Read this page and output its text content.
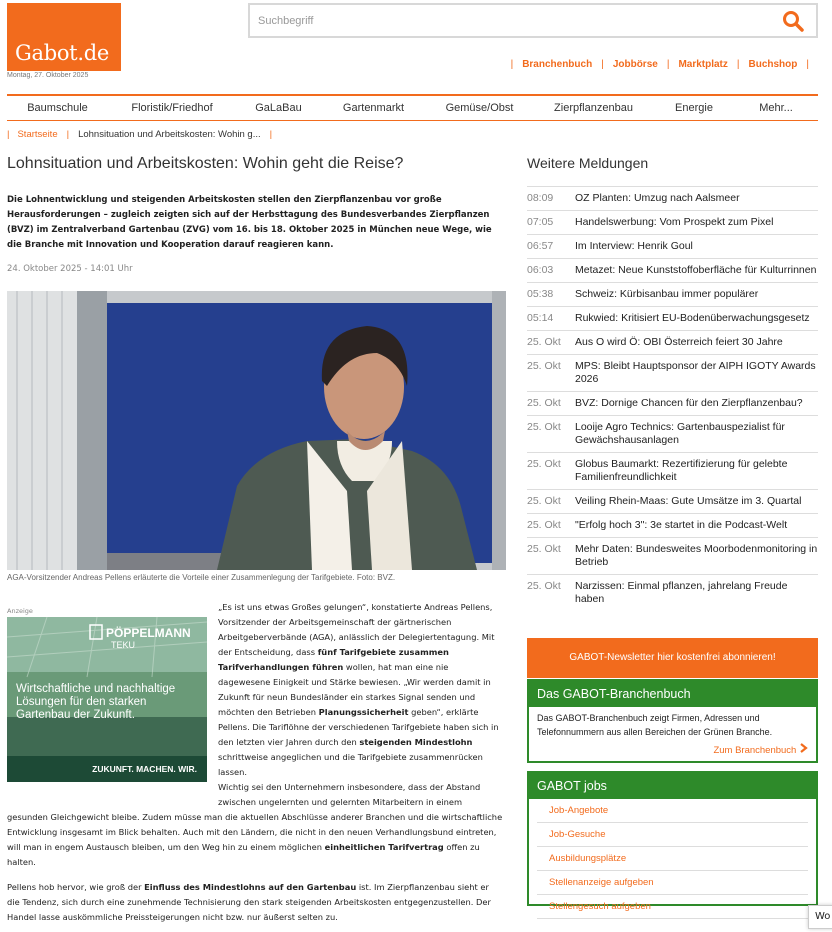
Gabot.de
Montag, 27. Oktober 2025
Suchbegriff
| Branchenbuch | Jobbörse | Marktplatz | Buchshop |
Baumschule	Floristik/Friedhof	GaLaBau	Gartenmarkt	Gemüse/Obst	Zierpflanzenbau	Energie	Mehr...
| Startseite | Lohnsituation und Arbeitskosten: Wohin g... |
Lohnsituation und Arbeitskosten: Wohin geht die Reise?

Die Lohnentwicklung und steigenden Arbeitskosten stellen den Zierpflanzenbau vor große Herausforderungen – zugleich zeigten sich auf der Herbsttagung des Bundesverbandes Zierpflanzen (BVZ) im Zentralverband Gartenbau (ZVG) vom 16. bis 18. Oktober 2025 in München neue Wege, wie die Branche mit Innovation und Kooperation darauf reagieren kann.

24. Oktober 2025 - 14:01 Uhr
AGA-Vorsitzender Andreas Pellens erläuterte die Vorteile einer Zusammenlegung der Tarifgebiete. Foto: BVZ.
Anzeige
PÖPPELMANN
TEKU
Wirtschaftliche und nachhaltige Lösungen für den starken Gartenbau der Zukunft.
ZUKUNFT. MACHEN. WIR.
„Es ist uns etwas Großes gelungen“, konstatierte Andreas Pellens, Vorsitzender der Arbeitsgemeinschaft der gärtnerischen Arbeitgeberverbände (AGA), anlässlich der Delegiertentagung. Mit der Entscheidung, dass fünf Tarifgebiete zusammen Tarifverhandlungen führen wollen, hat man eine nie dagewesene Einigkeit und Stärke bewiesen. „Wir werden damit in Zukunft für neun Bundesländer ein starkes Signal senden und möchten den Betrieben Planungssicherheit geben“, erklärte Pellens. Die Tariflöhne der verschiedenen Tarifgebiete haben sich in den letzten vier Jahren durch den steigenden Mindestlohn schrittweise angeglichen und die Tarifgebiete zusammenrücken lassen.
Wichtig sei den Unternehmern insbesondere, dass der Abstand zwischen ungelernten und gelernten Mitarbeitern in einem
gesunden Gleichgewicht bleibe. Zudem müsse man die aktuellen Abschlüsse anderer Branchen und die wirtschaftliche Entwicklung insgesamt im Blick behalten. Auch mit den Ländern, die nicht in den neuen Verhandlungsbund eintreten, will man in engem Austausch bleiben, um den Weg hin zu einem möglichen einheitlichen Tarifvertrag offen zu halten.
Pellens hob hervor, wie groß der Einfluss des Mindestlohns auf den Gartenbau ist. Im Zierpflanzenbau sieht er die Tendenz, sich durch eine zunehmende Technisierung den stark steigenden Arbeitskosten entgegenzustellen. Der Handel lasse auskömmliche Preissteigerungen nicht bzw. nur äußerst selten zu.
Weitere Meldungen
08:09	OZ Planten: Umzug nach Aalsmeer
07:05	Handelswerbung: Vom Prospekt zum Pixel
06:57	Im Interview: Henrik Goul
06:03	Metazet: Neue Kunststoffoberfläche für Kulturrinnen
05:38	Schweiz: Kürbisanbau immer populärer
05:14	Rukwied: Kritisiert EU-Bodenüberwachungsgesetz
25. Okt	Aus O wird Ö: OBI Österreich feiert 30 Jahre
25. Okt	MPS: Bleibt Hauptsponsor der AIPH IGOTY Awards 2026
25. Okt	BVZ: Dornige Chancen für den Zierpflanzenbau?
25. Okt	Looije Agro Technics: Gartenbauspezialist für Gewächshausanlagen
25. Okt	Globus Baumarkt: Rezertifizierung für gelebte Familienfreundlichkeit
25. Okt	Veiling Rhein-Maas: Gute Umsätze im 3. Quartal
25. Okt	"Erfolg hoch 3": 3e startet in die Podcast-Welt
25. Okt	Mehr Daten: Bundesweites Moorbodenmonitoring in Betrieb
25. Okt	Narzissen: Einmal pflanzen, jahrelang Freude haben
GABOT-Newsletter hier kostenfrei abonnieren!
Das GABOT-Branchenbuch
Das GABOT-Branchenbuch zeigt Firmen, Adressen und Telefonnummern aus allen Bereichen der Grünen Branche.
Zum Branchenbuch
GABOT jobs
Job-Angebote
Job-Gesuche
Ausbildungsplätze
Stellenanzeige aufgeben
Stellengesuch aufgeben
Wo
